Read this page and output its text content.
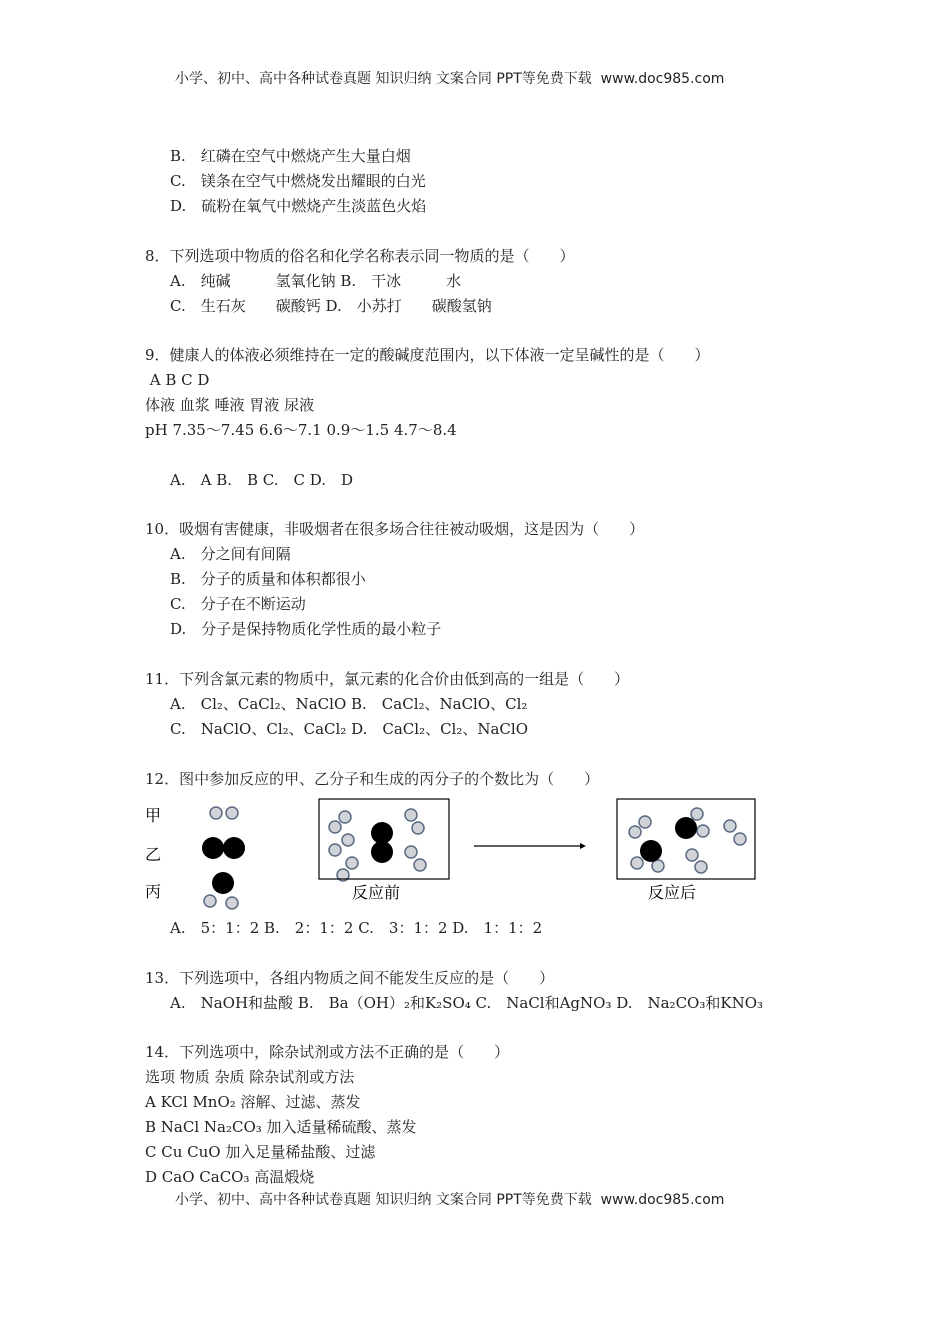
小学、初中、高中各种试卷真题 知识归纳 文案合同 PPT等免费下载  www.doc985.com
B.　红磷在空气中燃烧产生大量白烟
C.　镁条在空气中燃烧发出耀眼的白光
D.　硫粉在氧气中燃烧产生淡蓝色火焰
8．下列选项中物质的俗名和化学名称表示同一物质的是（　　）
A.　纯碱　　　氢氧化钠 B.　干冰　　　水
C.　生石灰　　碳酸钙 D.　小苏打　　碳酸氢钠
9．健康人的体液必须维持在一定的酸碱度范围内，以下体液一定呈碱性的是（　　）
A B C D
体液 血浆 唾液 胃液 尿液
pH 7.35～7.45 6.6～7.1 0.9～1.5 4.7～8.4
A.　A B.　B C.　C D.　D
10．吸烟有害健康，非吸烟者在很多场合往往被动吸烟，这是因为（　　）
A.　分之间有间隔
B.　分子的质量和体积都很小
C.　分子在不断运动
D.　分子是保持物质化学性质的最小粒子
11．下列含氯元素的物质中，氯元素的化合价由低到高的一组是（　　）
A.　Cl₂、CaCl₂、NaClO B.　CaCl₂、NaClO、Cl₂
C.　NaClO、Cl₂、CaCl₂ D.　CaCl₂、Cl₂、NaClO
12．图中参加反应的甲、乙分子和生成的丙分子的个数比为（　　）
甲
乙
丙	反应前	反应后
A.　5：1：2 B.　2：1：2 C.　3：1：2 D.　1：1：2
13．下列选项中，各组内物质之间不能发生反应的是（　　）
A.　NaOH和盐酸 B.　Ba（OH）₂和K₂SO₄ C.　NaCl和AgNO₃ D.　Na₂CO₃和KNO₃
14．下列选项中，除杂试剂或方法不正确的是（　　）
选项 物质 杂质 除杂试剂或方法
A KCl MnO₂ 溶解、过滤、蒸发
B NaCl Na₂CO₃ 加入适量稀硫酸、蒸发
C Cu CuO 加入足量稀盐酸、过滤
D CaO CaCO₃ 高温煅烧
小学、初中、高中各种试卷真题 知识归纳 文案合同 PPT等免费下载  www.doc985.com
